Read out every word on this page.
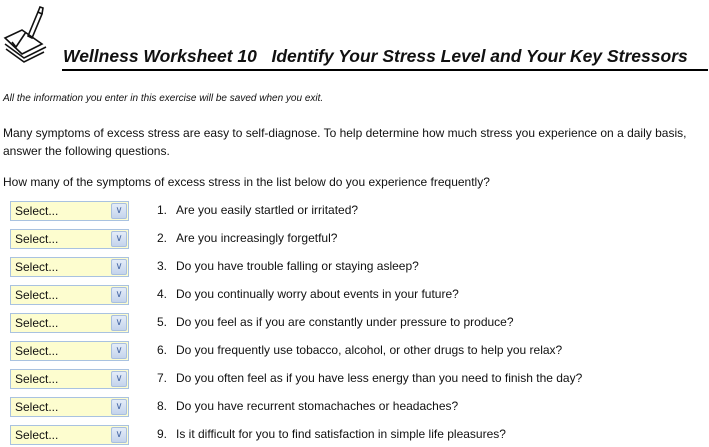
Wellness Worksheet 10   Identify Your Stress Level and Your Key Stressors
All the information you enter in this exercise will be saved when you exit.
Many symptoms of excess stress are easy to self-diagnose. To help determine how much stress you experience on a daily basis, answer the following questions.
How many of the symptoms of excess stress in the list below do you experience frequently?
Select...	∨	1. Are you easily startled or irritated?
Select...	∨	2. Are you increasingly forgetful?
Select...	∨	3. Do you have trouble falling or staying asleep?
Select...	∨	4. Do you continually worry about events in your future?
Select...	∨	5. Do you feel as if you are constantly under pressure to produce?
Select...	∨	6. Do you frequently use tobacco, alcohol, or other drugs to help you relax?
Select...	∨	7. Do you often feel as if you have less energy than you need to finish the day?
Select...	∨	8. Do you have recurrent stomachaches or headaches?
Select...	∨	9. Is it difficult for you to find satisfaction in simple life pleasures?
